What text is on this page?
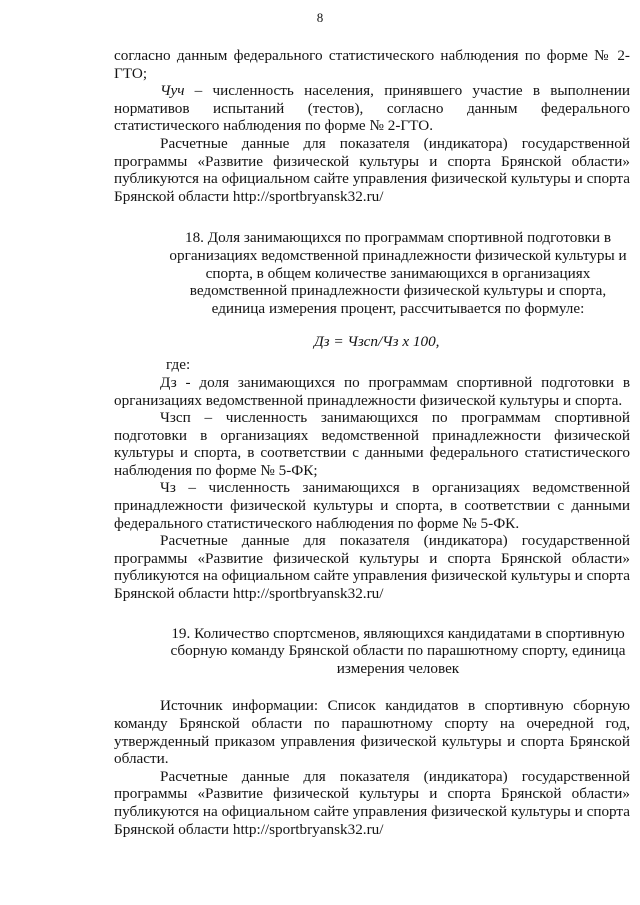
8

согласно данным федерального статистического наблюдения по форме № 2-ГТО;

Чуч – численность населения, принявшего участие в выполнении нормативов испытаний (тестов), согласно данным федерального статистического наблюдения по форме № 2-ГТО.

Расчетные данные для показателя (индикатора) государственной программы «Развитие физической культуры и спорта Брянской области» публикуются на официальном сайте управления физической культуры и спорта Брянской области http://sportbryansk32.ru/

18. Доля занимающихся по программам спортивной подготовки в организациях ведомственной принадлежности физической культуры и спорта, в общем количестве занимающихся в организациях ведомственной принадлежности физической культуры и спорта, единица измерения процент, рассчитывается по формуле:

Дз = Чзсп/Чз х 100,

где:

Дз - доля занимающихся по программам спортивной подготовки в организациях ведомственной принадлежности физической культуры и спорта.

Чзсп – численность занимающихся по программам спортивной подготовки в организациях ведомственной принадлежности физической культуры и спорта, в соответствии с данными федерального статистического наблюдения по форме № 5-ФК;

Чз – численность занимающихся в организациях ведомственной принадлежности физической культуры и спорта, в соответствии с данными федерального статистического наблюдения по форме № 5-ФК.

Расчетные данные для показателя (индикатора) государственной программы «Развитие физической культуры и спорта Брянской области» публикуются на официальном сайте управления физической культуры и спорта Брянской области http://sportbryansk32.ru/

19. Количество спортсменов, являющихся кандидатами в спортивную сборную команду Брянской области по парашютному спорту, единица измерения человек

Источник информации: Список кандидатов в спортивную сборную команду Брянской области по парашютному спорту на очередной год, утвержденный приказом управления физической культуры и спорта Брянской области.

Расчетные данные для показателя (индикатора) государственной программы «Развитие физической культуры и спорта Брянской области» публикуются на официальном сайте управления физической культуры и спорта Брянской области http://sportbryansk32.ru/
